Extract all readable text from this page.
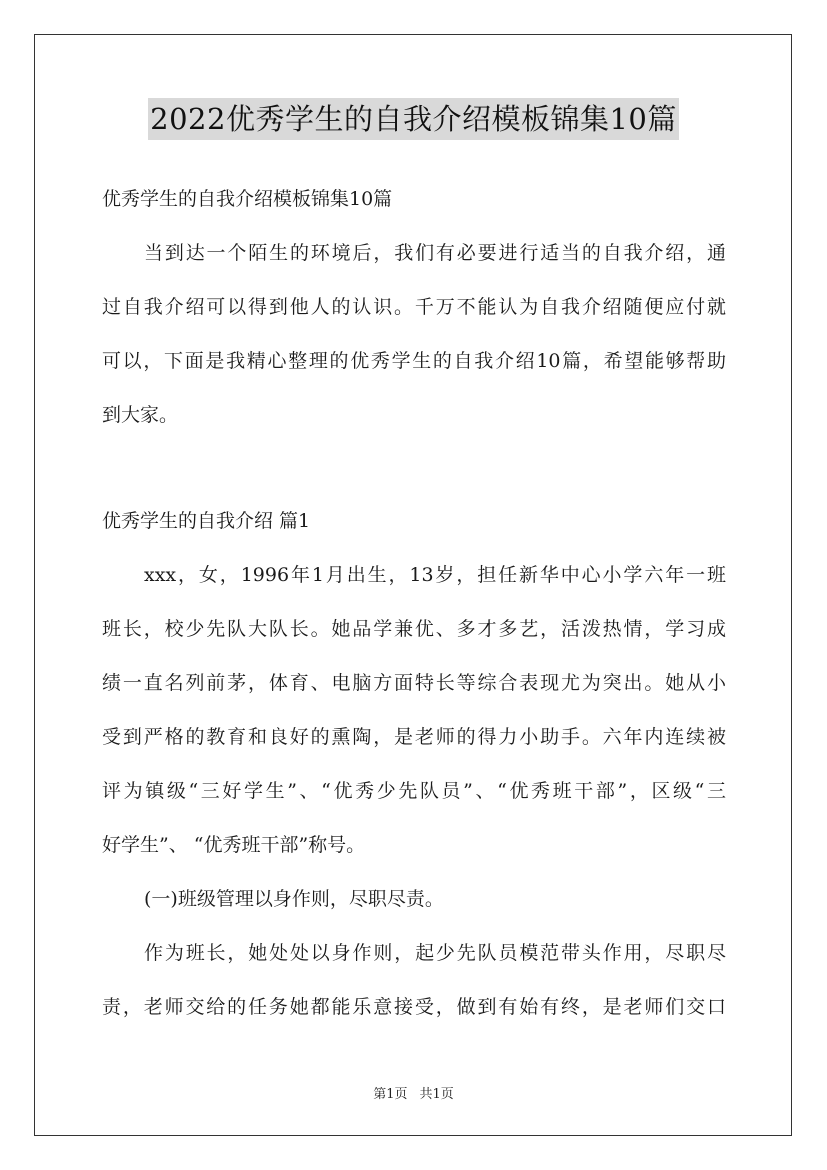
2022优秀学生的自我介绍模板锦集10篇
优秀学生的自我介绍模板锦集10篇
当到达一个陌生的环境后，我们有必要进行适当的自我介绍，通
过自我介绍可以得到他人的认识。千万不能认为自我介绍随便应付就
可以，下面是我精心整理的优秀学生的自我介绍10篇，希望能够帮助
到大家。
优秀学生的自我介绍 篇1
xxx，女，1996年1月出生，13岁，担任新华中心小学六年一班
班长，校少先队大队长。她品学兼优、多才多艺，活泼热情，学习成
绩一直名列前茅，体育、电脑方面特长等综合表现尤为突出。她从小
受到严格的教育和良好的熏陶，是老师的得力小助手。六年内连续被
评为镇级“三好学生”、“优秀少先队员”、“优秀班干部”，区级“三
好学生”、 “优秀班干部”称号。
(一)班级管理以身作则，尽职尽责。
作为班长，她处处以身作则，起少先队员模范带头作用，尽职尽
责，老师交给的任务她都能乐意接受，做到有始有终，是老师们交口
第1页 共1页
